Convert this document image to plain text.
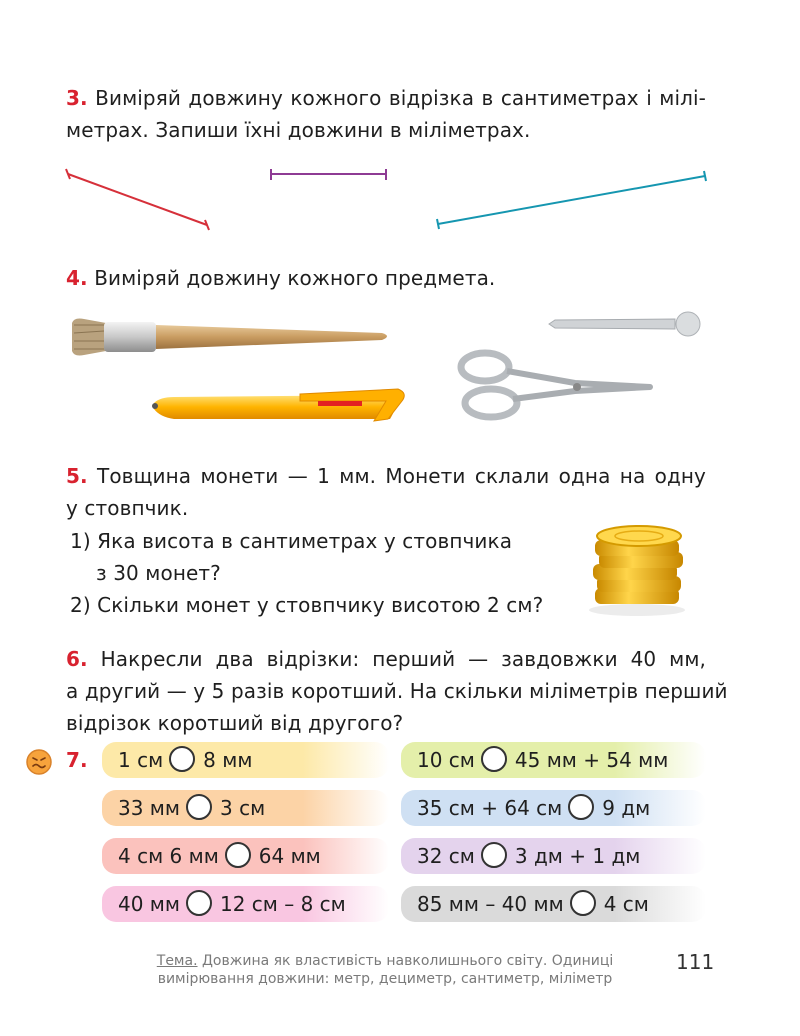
3. Виміряй довжину кожного відрізка в сантиметрах і мілі-
метрах. Запиши їхні довжини в міліметрах.
4. Виміряй довжину кожного предмета.
5. Товщина монети — 1 мм. Монети склали одна на одну
у стовпчик.
1) Яка висота в сантиметрах у стовпчика
з 30 монет?
2) Скільки монет у стовпчику висотою 2 см?
6. Накресли два відрізки: перший — завдовжки 40 мм,
а другий — у 5 разів коротший. На скільки міліметрів перший
відрізок коротший від другого?
7.	1 см 8 мм
33 мм 3 см
4 см 6 мм 64 мм
40 мм 12 см – 8 см
10 см 45 мм + 54 мм
35 см + 64 см 9 дм
32 см 3 дм + 1 дм
85 мм – 40 мм 4 см
Тема. Довжина як властивість навколишнього світу. Одиниці
вимірювання довжини: метр, дециметр, сантиметр, міліметр
111
